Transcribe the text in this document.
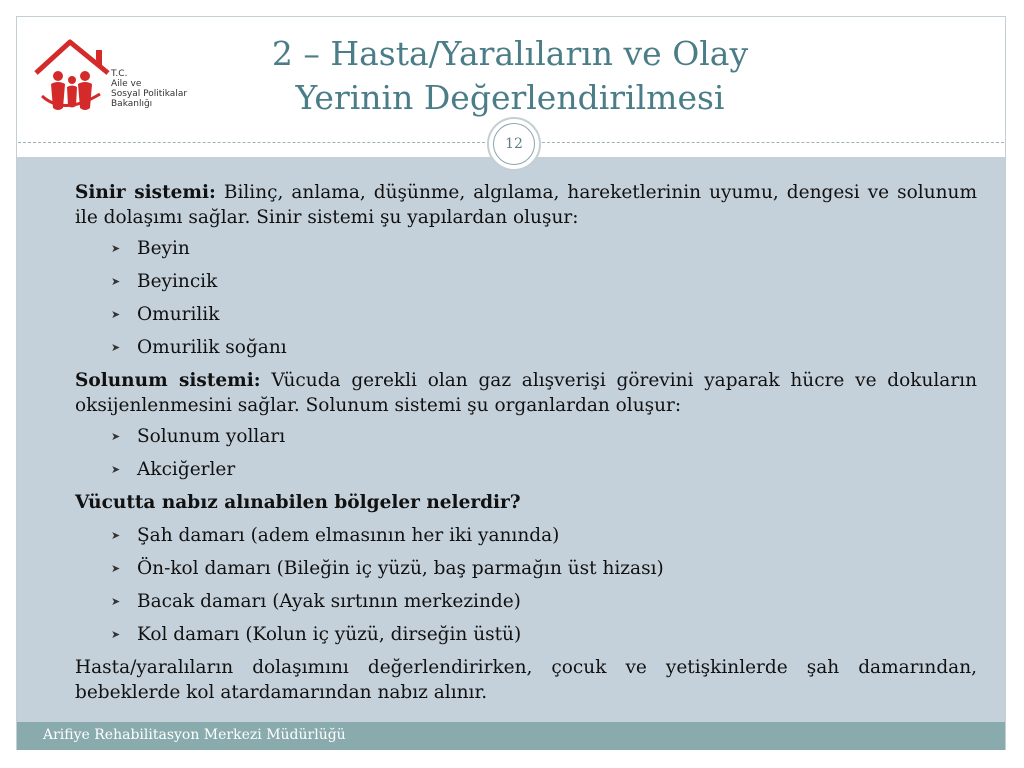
T.C.
Aile ve
Sosyal Politikalar
Bakanlığı
2 – Hasta/Yaralıların ve Olay
Yerinin Değerlendirilmesi
12

Sinir sistemi: Bilinç, anlama, düşünme, algılama, hareketlerinin uyumu, dengesi ve solunum ile dolaşımı sağlar. Sinir sistemi şu yapılardan oluşur:

➤ Beyin
➤ Beyincik
➤ Omurilik
➤ Omurilik soğanı

Solunum sistemi: Vücuda gerekli olan gaz alışverişi görevini yaparak hücre ve dokuların oksijenlenmesini sağlar. Solunum sistemi şu organlardan oluşur:

➤ Solunum yolları
➤ Akciğerler
Vücutta nabız alınabilen bölgeler nelerdir?
➤ Şah damarı (adem elmasının her iki yanında)
➤ Ön-kol damarı (Bileğin iç yüzü, baş parmağın üst hizası)
➤ Bacak damarı (Ayak sırtının merkezinde)
➤ Kol damarı (Kolun iç yüzü, dirseğin üstü)

Hasta/yaralıların dolaşımını değerlendirirken, çocuk ve yetişkinlerde şah damarından, bebeklerde kol atardamarından nabız alınır.

Arifiye Rehabilitasyon Merkezi Müdürlüğü
